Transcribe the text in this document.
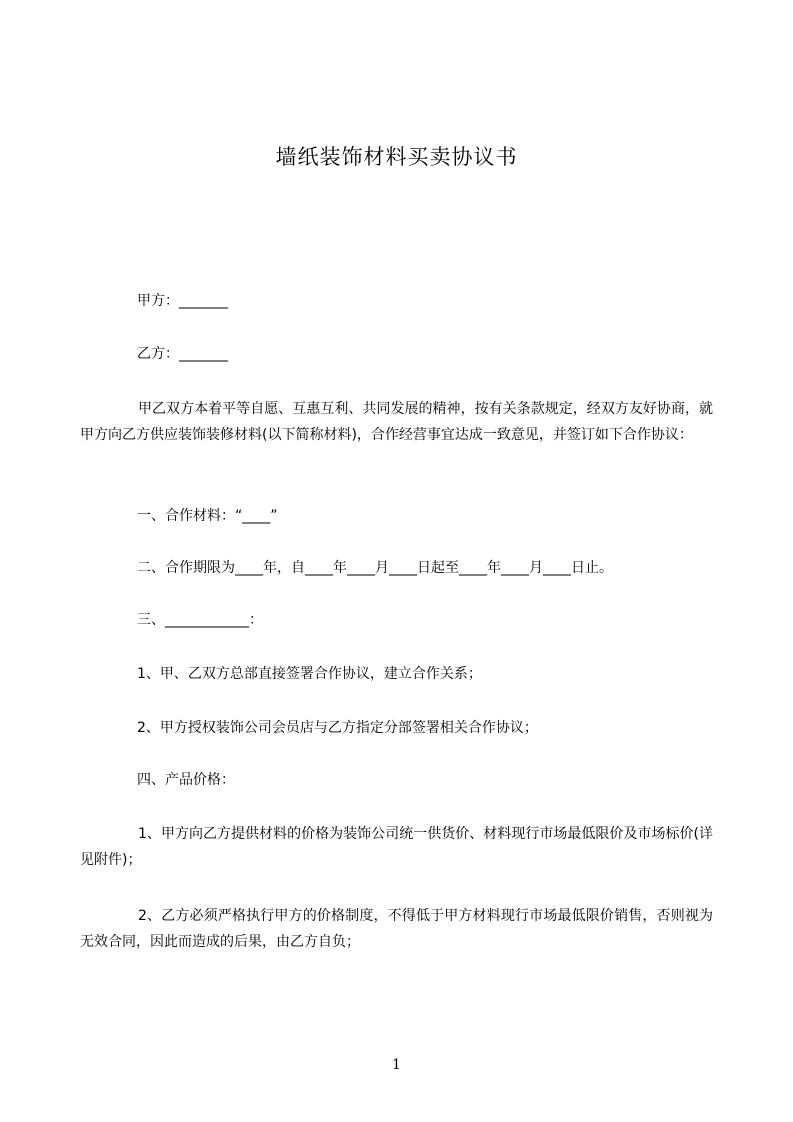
墙纸装饰材料买卖协议书
甲方：_______
乙方：_______
甲乙双方本着平等自愿、互惠互利、共同发展的精神，按有关条款规定，经双方友好协商，就甲方向乙方供应装饰装修材料(以下简称材料)，合作经营事宜达成一致意见，并签订如下合作协议：
一、合作材料：“____”
二、合作期限为____年，自____年____月____日起至____年____月____日止。
三、____________：
1、甲、乙双方总部直接签署合作协议，建立合作关系；
2、甲方授权装饰公司会员店与乙方指定分部签署相关合作协议；
四、产品价格：
1、甲方向乙方提供材料的价格为装饰公司统一供货价、材料现行市场最低限价及市场标价(详见附件)；
2、乙方必须严格执行甲方的价格制度，不得低于甲方材料现行市场最低限价销售，否则视为无效合同，因此而造成的后果，由乙方自负；
1
